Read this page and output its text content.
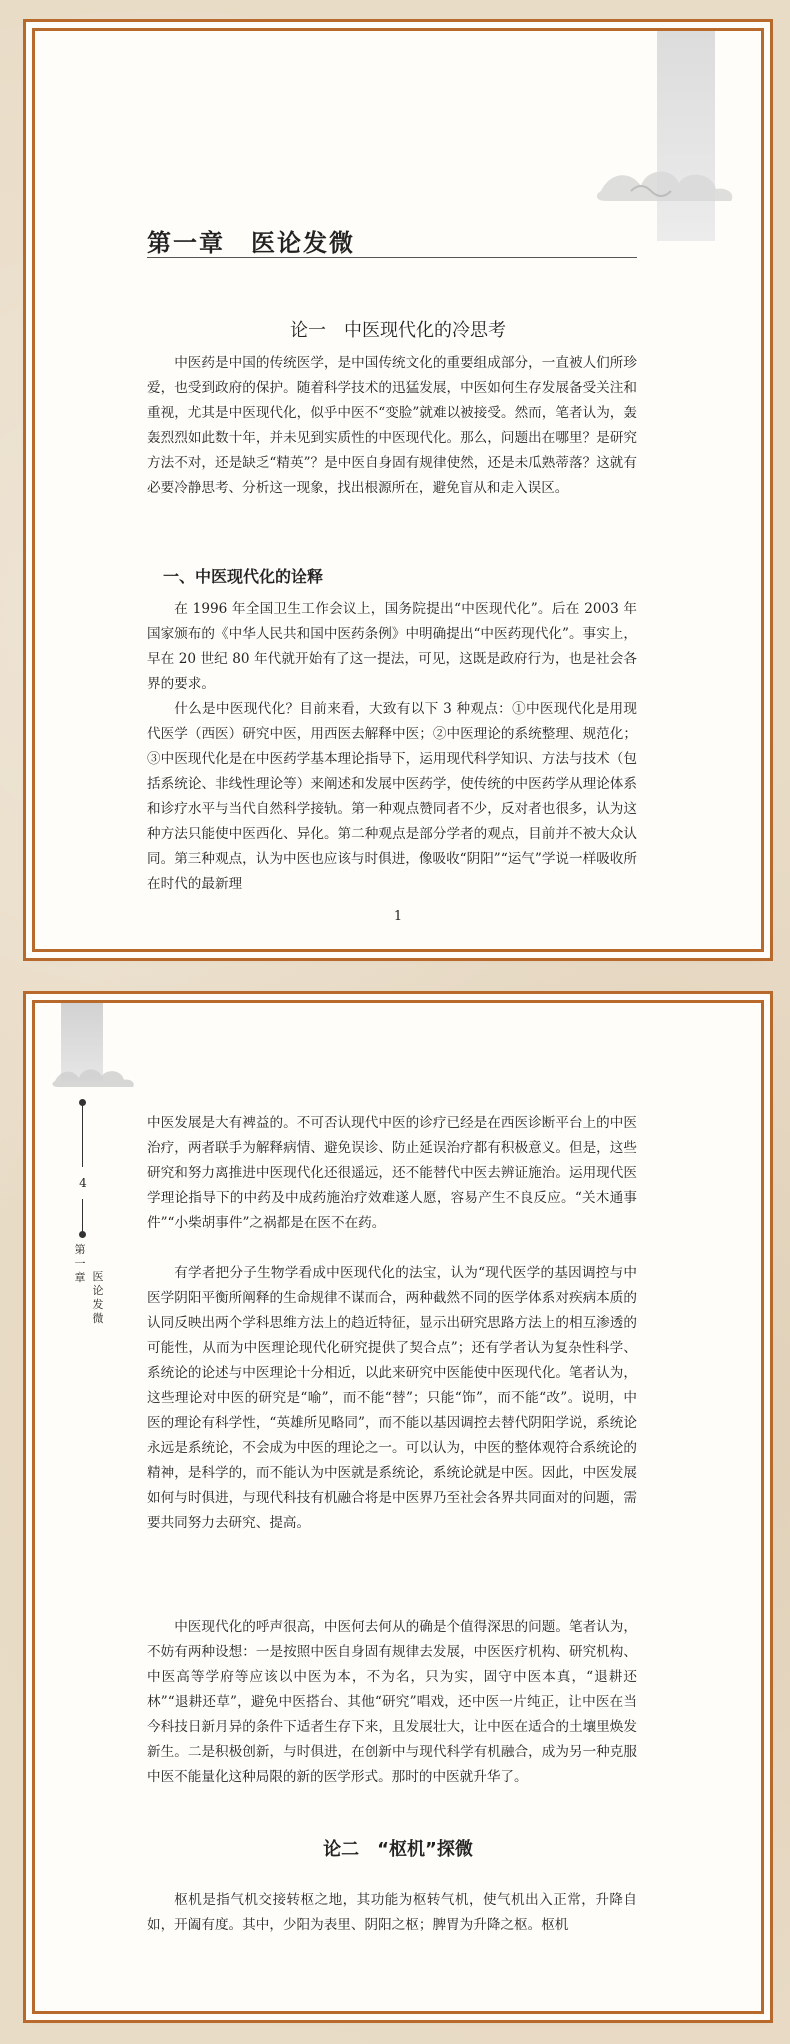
第一章　医论发微
论一　中医现代化的冷思考

中医药是中国的传统医学，是中国传统文化的重要组成部分，一直被人们所珍爱，也受到政府的保护。随着科学技术的迅猛发展，中医如何生存发展备受关注和重视，尤其是中医现代化，似乎中医不“变脸”就难以被接受。然而，笔者认为，轰轰烈烈如此数十年，并未见到实质性的中医现代化。那么，问题出在哪里？是研究方法不对，还是缺乏“精英”？是中医自身固有规律使然，还是未瓜熟蒂落？这就有必要冷静思考、分析这一现象，找出根源所在，避免盲从和走入误区。

一、中医现代化的诠释

在 1996 年全国卫生工作会议上，国务院提出“中医现代化”。后在 2003 年国家颁布的《中华人民共和国中医药条例》中明确提出“中医药现代化”。事实上，早在 20 世纪 80 年代就开始有了这一提法，可见，这既是政府行为，也是社会各界的要求。

什么是中医现代化？目前来看，大致有以下 3 种观点：①中医现代化是用现代医学（西医）研究中医，用西医去解释中医；②中医理论的系统整理、规范化；③中医现代化是在中医药学基本理论指导下，运用现代科学知识、方法与技术（包括系统论、非线性理论等）来阐述和发展中医药学，使传统的中医药学从理论体系和诊疗水平与当代自然科学接轨。第一种观点赞同者不少，反对者也很多，认为这种方法只能使中医西化、异化。第二种观点是部分学者的观点，目前并不被大众认同。第三种观点，认为中医也应该与时俱进，像吸收“阴阳”“运气”学说一样吸收所在时代的最新理

1
4
第一章 医论发微

中医发展是大有裨益的。不可否认现代中医的诊疗已经是在西医诊断平台上的中医治疗，两者联手为解释病情、避免误诊、防止延误治疗都有积极意义。但是，这些研究和努力离推进中医现代化还很遥远，还不能替代中医去辨证施治。运用现代医学理论指导下的中药及中成药施治疗效难遂人愿，容易产生不良反应。“关木通事件”“小柴胡事件”之祸都是在医不在药。

有学者把分子生物学看成中医现代化的法宝，认为“现代医学的基因调控与中医学阴阳平衡所阐释的生命规律不谋而合，两种截然不同的医学体系对疾病本质的认同反映出两个学科思维方法上的趋近特征，显示出研究思路方法上的相互渗透的可能性，从而为中医理论现代化研究提供了契合点”；还有学者认为复杂性科学、系统论的论述与中医理论十分相近，以此来研究中医能使中医现代化。笔者认为，这些理论对中医的研究是“喻”，而不能“替”；只能“饰”，而不能“改”。说明，中医的理论有科学性，“英雄所见略同”，而不能以基因调控去替代阴阳学说，系统论永远是系统论，不会成为中医的理论之一。可以认为，中医的整体观符合系统论的精神，是科学的，而不能认为中医就是系统论，系统论就是中医。因此，中医发展如何与时俱进，与现代科技有机融合将是中医界乃至社会各界共同面对的问题，需要共同努力去研究、提高。

中医现代化的呼声很高，中医何去何从的确是个值得深思的问题。笔者认为，不妨有两种设想：一是按照中医自身固有规律去发展，中医医疗机构、研究机构、中医高等学府等应该以中医为本，不为名，只为实，固守中医本真，“退耕还林”“退耕还草”，避免中医搭台、其他“研究”唱戏，还中医一片纯正，让中医在当今科技日新月异的条件下适者生存下来，且发展壮大，让中医在适合的土壤里焕发新生。二是积极创新，与时俱进，在创新中与现代科学有机融合，成为另一种克服中医不能量化这种局限的新的医学形式。那时的中医就升华了。

论二　“枢机”探微

枢机是指气机交接转枢之地，其功能为枢转气机，使气机出入正常，升降自如，开阖有度。其中，少阳为表里、阴阳之枢；脾胃为升降之枢。枢机
